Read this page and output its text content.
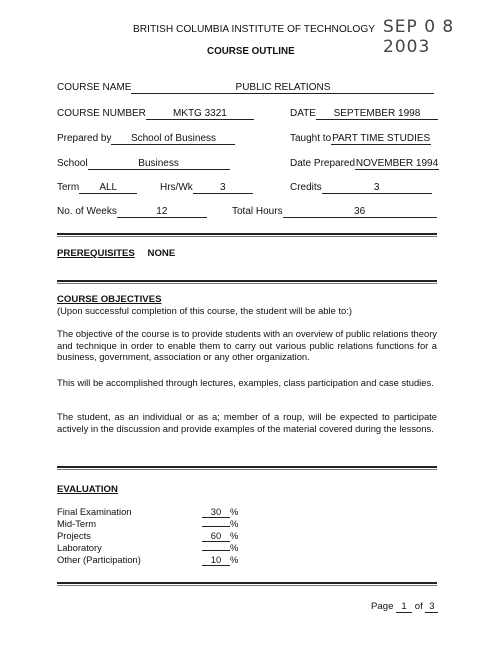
BRITISH COLUMBIA INSTITUTE OF TECHNOLOGY SEP 0 8 2003
COURSE OUTLINE
COURSE NAME	PUBLIC RELATIONS
COURSE NUMBER	MKTG 3321	DATE SEPTEMBER 1998
Prepared by School of Business	Taught toPART TIME STUDIES
School	Business	Date PreparedNOVEMBER 1994
Term ALL	Hrs/Wk	3	Credits	3
No. of Weeks	12	Total Hours	36
PREREQUISITES NONE
COURSE OBJECTIVES
(Upon successful completion of this course, the student will be able to:)
The objective of the course is to provide students with an overview of public relations theory and technique in order to enable them to carry out various public relations functions for a business, government, association or any other organization.
This will be accomplished through lectures, examples, class participation and case studies.
The student, as an individual or as a; member of a roup, will be expected to participate actively in the discussion and provide examples of the material covered during the lessons.
EVALUATION
Final Examination	30 %
Mid-Term	%
Projects	60 %
Laboratory	%
Other (Participation)	10 %
Page 1 of 3
